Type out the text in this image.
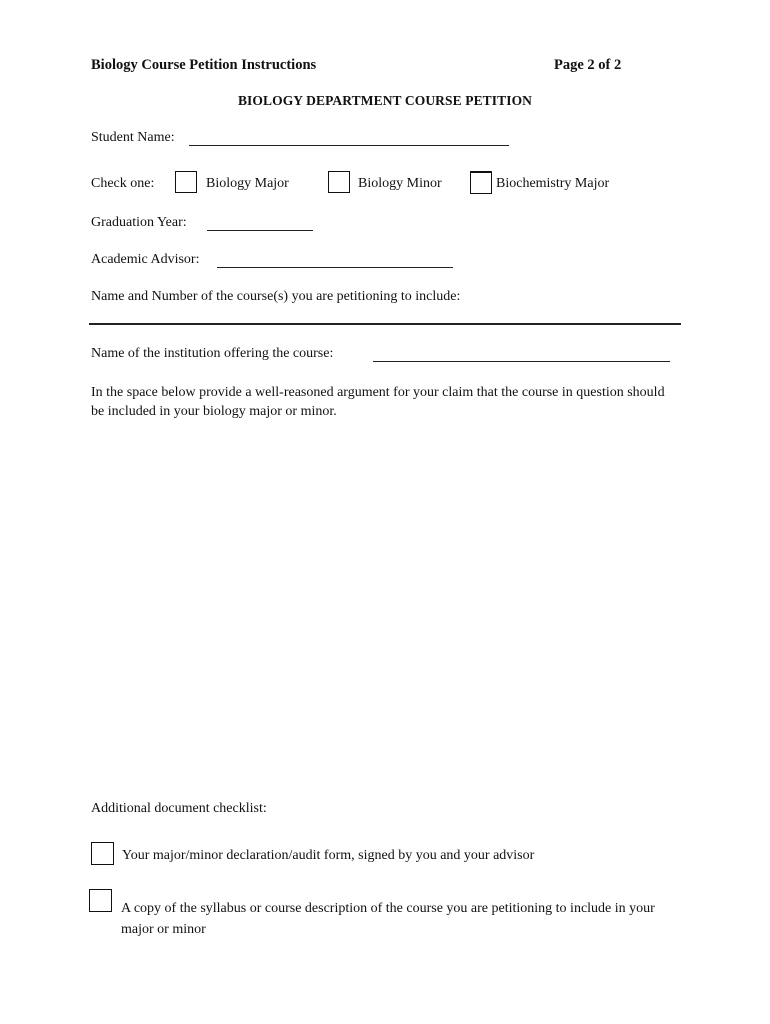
Biology Course Petition Instructions	Page 2 of 2
BIOLOGY DEPARTMENT COURSE PETITION
Student Name:
Check one:	Biology Major	Biology Minor	Biochemistry Major
Graduation Year:
Academic Advisor:
Name and Number of the course(s) you are petitioning to include:
Name of the institution offering the course:
In the space below provide a well-reasoned argument for your claim that the course in question should be included in your biology major or minor.
Additional document checklist:
Your major/minor declaration/audit form, signed by you and your advisor
A copy of the syllabus or course description of the course you are petitioning to include in your major or minor
